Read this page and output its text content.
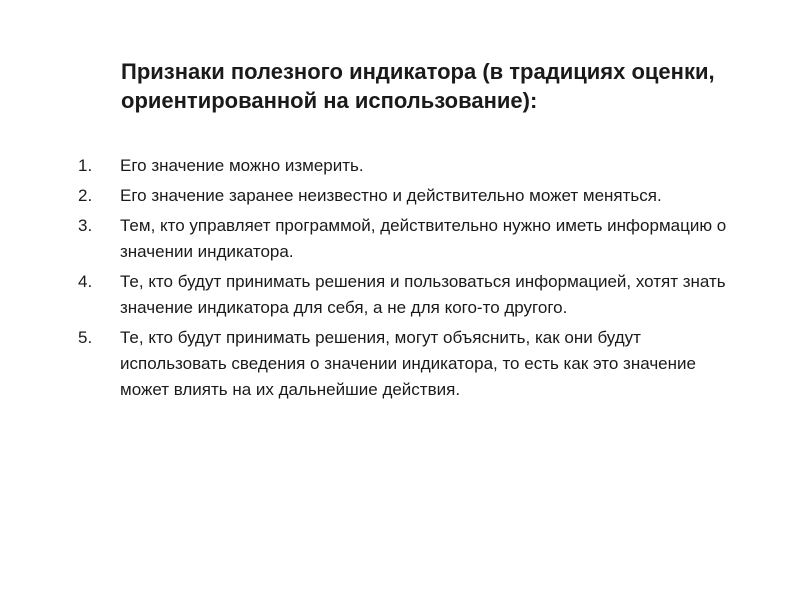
Признаки полезного индикатора (в традициях оценки, ориентированной на использование):
1. Его значение можно измерить.
2. Его значение заранее неизвестно и действительно может меняться.
3. Тем, кто управляет программой, действительно нужно иметь информацию о значении индикатора.
4. Те, кто будут принимать решения и пользоваться информацией, хотят знать значение индикатора для себя, а не для кого-то другого.
5. Те, кто будут принимать решения, могут объяснить, как они будут использовать сведения о значении индикатора, то есть как это значение может влиять на их дальнейшие действия.
